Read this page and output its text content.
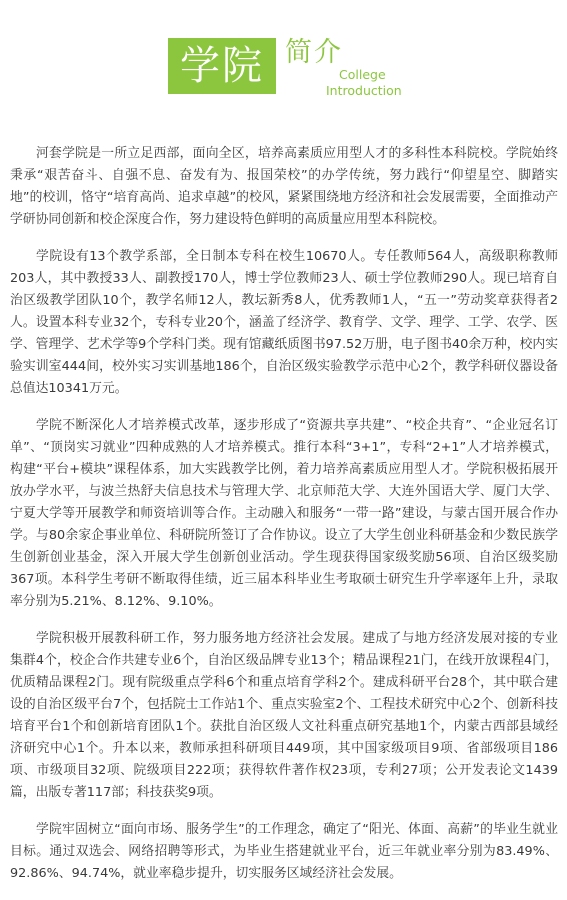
学院 简介
College
Introduction

河套学院是一所立足西部，面向全区，培养高素质应用型人才的多科性本科院校。学院始终秉承“艰苦奋斗、自强不息、奋发有为、报国荣校”的办学传统，努力践行“仰望星空、脚踏实地”的校训，恪守“培育高尚、追求卓越”的校风，紧紧围绕地方经济和社会发展需要，全面推动产学研协同创新和校企深度合作，努力建设特色鲜明的高质量应用型本科院校。

学院设有13个教学系部，全日制本专科在校生10670人。专任教师564人，高级职称教师203人，其中教授33人、副教授170人，博士学位教师23人、硕士学位教师290人。现已培育自治区级教学团队10个，教学名师12人，教坛新秀8人，优秀教师1人，“五一”劳动奖章获得者2人。设置本科专业32个，专科专业20个，涵盖了经济学、教育学、文学、理学、工学、农学、医学、管理学、艺术学等9个学科门类。现有馆藏纸质图书97.52万册，电子图书40余万种，校内实验实训室444间，校外实习实训基地186个，自治区级实验教学示范中心2个，教学科研仪器设备总值达10341万元。

学院不断深化人才培养模式改革，逐步形成了“资源共享共建”、“校企共育”、“企业冠名订单”、“顶岗实习就业”四种成熟的人才培养模式。推行本科“3+1”，专科“2+1”人才培养模式，构建“平台+模块”课程体系，加大实践教学比例，着力培养高素质应用型人才。学院积极拓展开放办学水平，与波兰热舒夫信息技术与管理大学、北京师范大学、大连外国语大学、厦门大学、宁夏大学等开展教学和师资培训等合作。主动融入和服务“一带一路”建设，与蒙古国开展合作办学。与80余家企事业单位、科研院所签订了合作协议。设立了大学生创业科研基金和少数民族学生创新创业基金，深入开展大学生创新创业活动。学生现获得国家级奖励56项、自治区级奖励367项。本科学生考研不断取得佳绩，近三届本科毕业生考取硕士研究生升学率逐年上升，录取率分别为5.21%、8.12%、9.10%。

学院积极开展教科研工作，努力服务地方经济社会发展。建成了与地方经济发展对接的专业集群4个，校企合作共建专业6个，自治区级品牌专业13个；精品课程21门，在线开放课程4门，优质精品课程2门。现有院级重点学科6个和重点培育学科2个。建成科研平台28个，其中联合建设的自治区级平台7个，包括院士工作站1个、重点实验室2个、工程技术研究中心2个、创新科技培育平台1个和创新培育团队1个。获批自治区级人文社科重点研究基地1个，内蒙古西部县域经济研究中心1个。升本以来，教师承担科研项目449项，其中国家级项目9项、省部级项目186项、市级项目32项、院级项目222项；获得软件著作权23项，专利27项；公开发表论文1439篇，出版专著117部；科技获奖9项。

学院牢固树立“面向市场、服务学生”的工作理念，确定了“阳光、体面、高薪”的毕业生就业目标。通过双选会、网络招聘等形式，为毕业生搭建就业平台，近三年就业率分别为83.49%、92.86%、94.74%，就业率稳步提升，切实服务区域经济社会发展。
